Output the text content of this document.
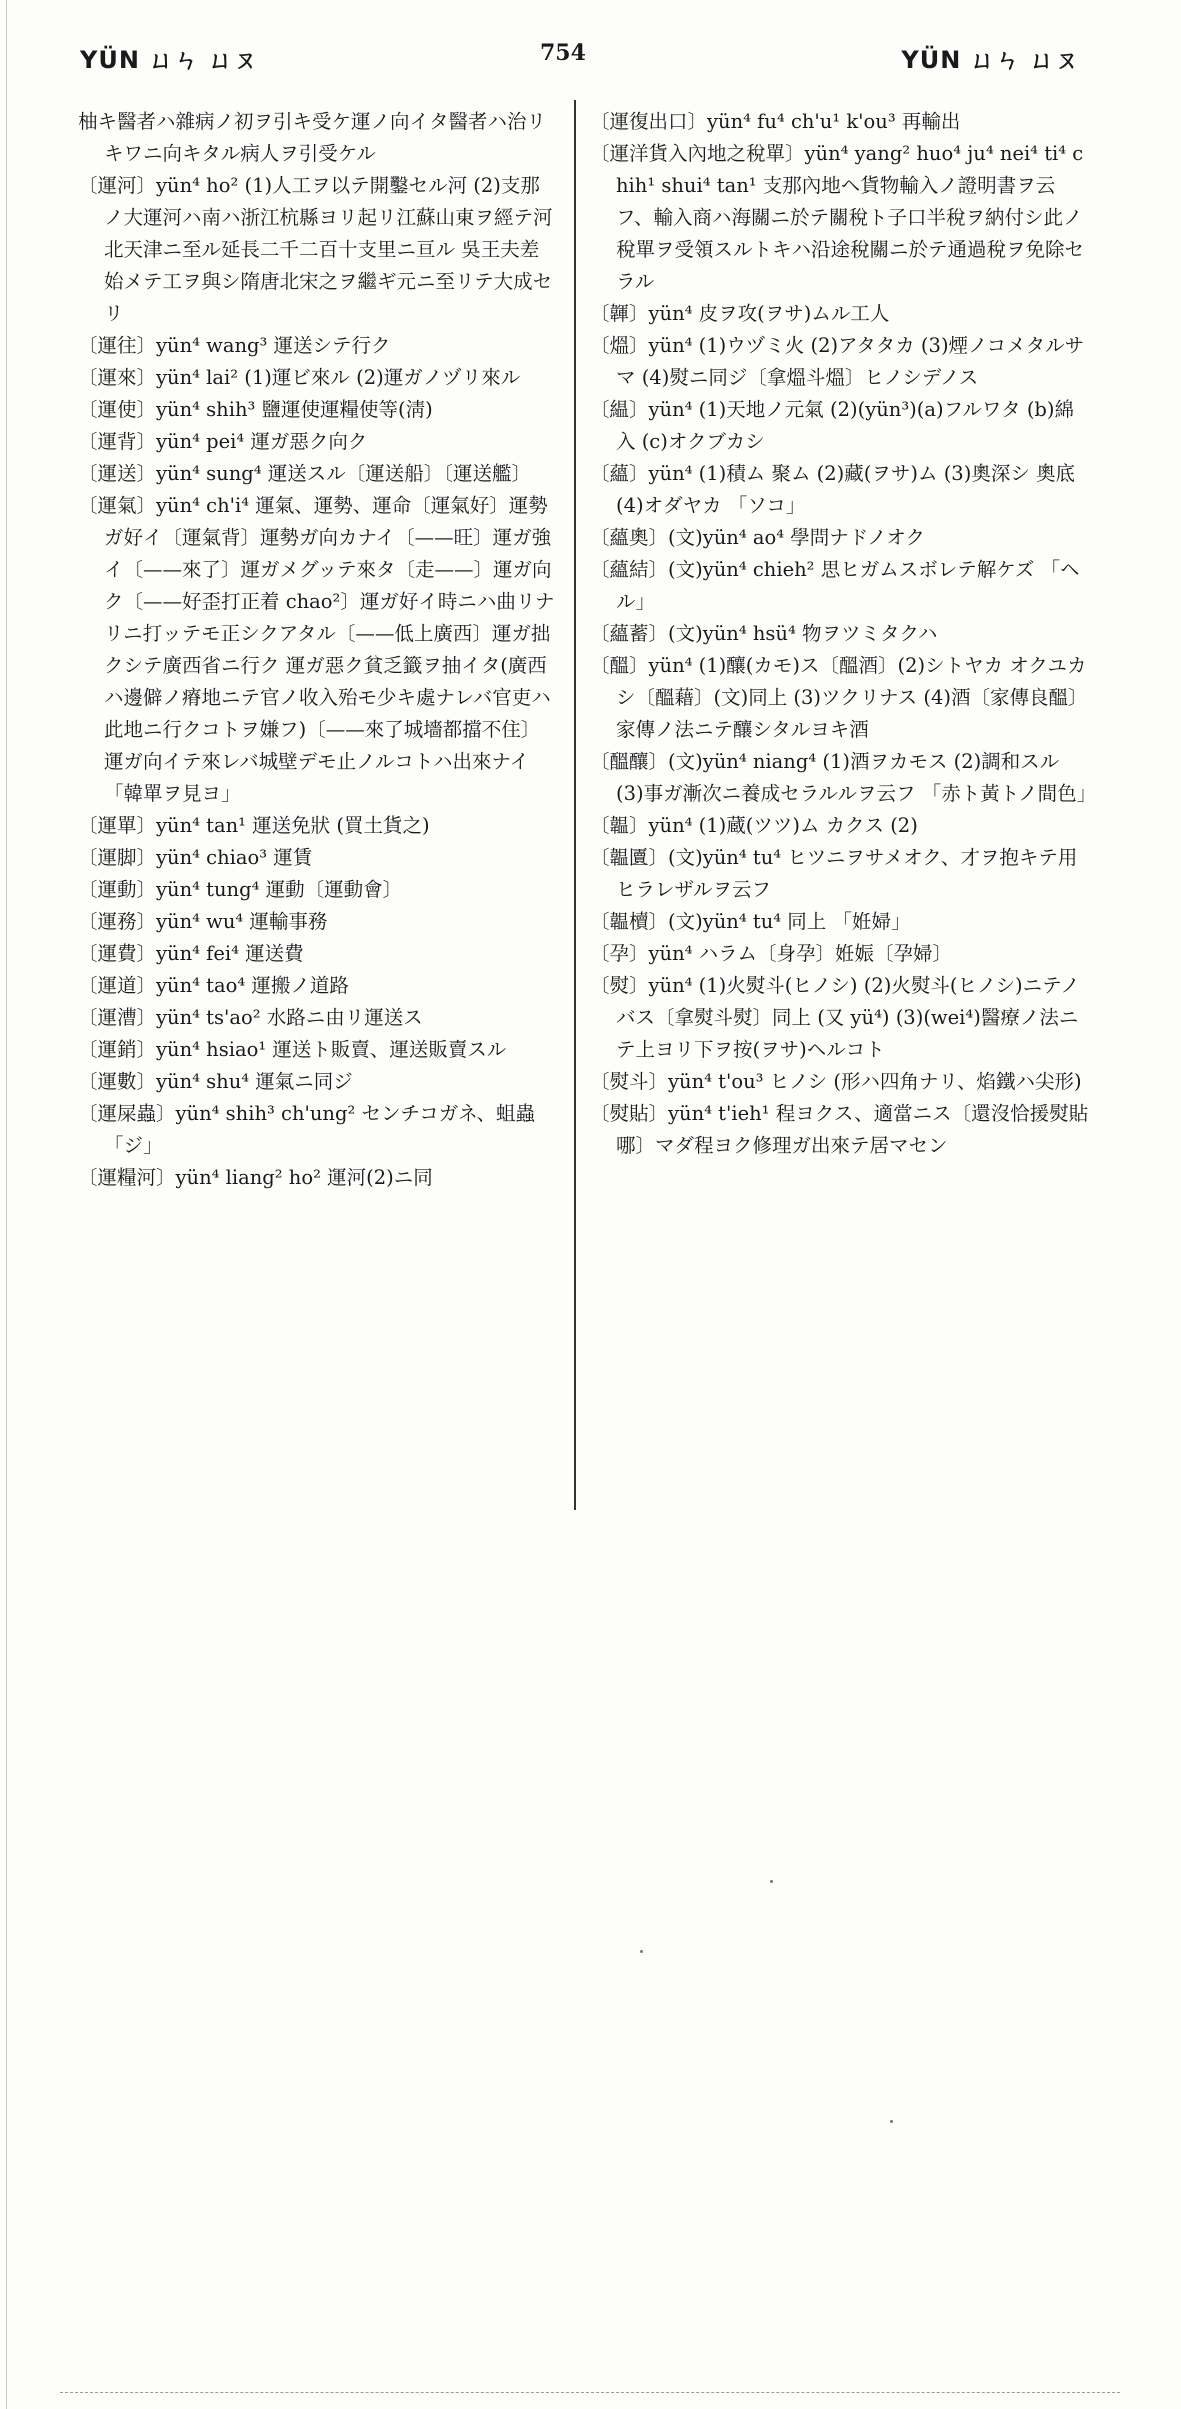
YÜN ㄩㄣ ㄩㄡ	754	YÜN ㄩㄣ ㄩㄡ

柚キ醫者ハ雜病ノ初ヲ引キ受ケ運ノ向イタ醫者ハ治リキワニ向キタル病人ヲ引受ケル

〔運河〕yün⁴ ho² (1)人工ヲ以テ開鑿セル河 (2)支那ノ大運河ハ南ハ浙江杭縣ヨリ起リ江蘇山東ヲ經テ河北天津ニ至ル延長二千二百十支里ニ亘ル 吳王夫差始メテ工ヲ與シ隋唐北宋之ヲ繼ギ元ニ至リテ大成セリ

〔運往〕yün⁴ wang³ 運送シテ行ク

〔運來〕yün⁴ lai² (1)運ビ來ル (2)運ガノヅリ來ル

〔運使〕yün⁴ shih³ 鹽運使運糧使等(淸)

〔運背〕yün⁴ pei⁴ 運ガ惡ク向ク

〔運送〕yün⁴ sung⁴ 運送スル〔運送船〕〔運送艦〕

〔運氣〕yün⁴ ch'i⁴ 運氣、運勢、運命〔運氣好〕運勢ガ好イ〔運氣背〕運勢ガ向カナイ〔——旺〕運ガ強イ〔——來了〕運ガメグッテ來タ〔走——〕運ガ向ク〔——好歪打正着 chao²〕運ガ好イ時ニハ曲リナリニ打ッテモ正シクアタル〔——低上廣西〕運ガ拙クシテ廣西省ニ行ク 運ガ惡ク貧乏籤ヲ抽イタ(廣西ハ邊僻ノ瘠地ニテ官ノ收入殆モ少キ處ナレバ官吏ハ此地ニ行クコトヲ嫌フ)〔——來了城墻都擋不住〕運ガ向イテ來レバ城壁デモ止ノルコトハ出來ナイ 「韓單ヲ見ヨ」

〔運單〕yün⁴ tan¹ 運送免狀 (買土貨之)

〔運脚〕yün⁴ chiao³ 運賃

〔運動〕yün⁴ tung⁴ 運動〔運動會〕

〔運務〕yün⁴ wu⁴ 運輸事務

〔運費〕yün⁴ fei⁴ 運送費

〔運道〕yün⁴ tao⁴ 運搬ノ道路

〔運漕〕yün⁴ ts'ao² 水路ニ由リ運送ス

〔運銷〕yün⁴ hsiao¹ 運送ト販賣、運送販賣スル

〔運數〕yün⁴ shu⁴ 運氣ニ同ジ

〔運屎蟲〕yün⁴ shih³ ch'ung² センチコガネ、蛆蟲 「ジ」

〔運糧河〕yün⁴ liang² ho² 運河(2)ニ同

〔運復出口〕yün⁴ fu⁴ ch'u¹ k'ou³ 再輸出

〔運洋貨入內地之稅單〕yün⁴ yang² huo⁴ ju⁴ nei⁴ ti⁴ chih¹ shui⁴ tan¹ 支那內地ヘ貨物輸入ノ證明書ヲ云フ、輸入商ハ海關ニ於テ關稅ト子口半稅ヲ納付シ此ノ稅單ヲ受領スルトキハ沿途稅關ニ於テ通過稅ヲ免除セラル

〔韗〕yün⁴ 皮ヲ攻(ヲサ)ムル工人

〔熅〕yün⁴ (1)ウヅミ火 (2)アタタカ (3)煙ノコメタルサマ (4)熨ニ同ジ〔拿熅斗熅〕ヒノシデノス

〔緼〕yün⁴ (1)天地ノ元氣 (2)(yün³)(a)フルワタ (b)綿入 (c)オクブカシ

〔蘊〕yün⁴ (1)積ム 聚ム (2)藏(ヲサ)ム (3)奧深シ 奧底 (4)オダヤカ 「ソコ」

〔蘊奧〕(文)yün⁴ ao⁴ 學問ナドノオク

〔蘊結〕(文)yün⁴ chieh² 思ヒガムスボレテ解ケズ 「ヘル」

〔蘊蓄〕(文)yün⁴ hsü⁴ 物ヲツミタクハ

〔醞〕yün⁴ (1)釀(カモ)ス〔醞酒〕(2)シトヤカ オクユカシ〔醞藉〕(文)同上 (3)ツクリナス (4)酒〔家傳良醞〕家傳ノ法ニテ釀シタルヨキ酒

〔醞釀〕(文)yün⁴ niang⁴ (1)酒ヲカモス (2)調和スル (3)事ガ漸次ニ養成セラルルヲ云フ 「赤ト黃トノ間色」

〔韞〕yün⁴ (1)蔵(ツツ)ム カクス (2)

〔韞匵〕(文)yün⁴ tu⁴ ヒツニヲサメオク、才ヲ抱キテ用ヒラレザルヲ云フ

〔韞櫝〕(文)yün⁴ tu⁴ 同上 「姙婦」

〔孕〕yün⁴ ハラム〔身孕〕姙娠〔孕婦〕

〔熨〕yün⁴ (1)火熨斗(ヒノシ) (2)火熨斗(ヒノシ)ニテノバス〔拿熨斗熨〕同上 (又 yü⁴) (3)(wei⁴)醫療ノ法ニテ上ヨリ下ヲ按(ヲサ)ヘルコト

〔熨斗〕yün⁴ t'ou³ ヒノシ (形ハ四角ナリ、焰鐵ハ尖形)

〔熨貼〕yün⁴ t'ieh¹ 程ヨクス、適當ニス〔還沒恰援熨貼哪〕マダ程ヨク修理ガ出來テ居マセン
